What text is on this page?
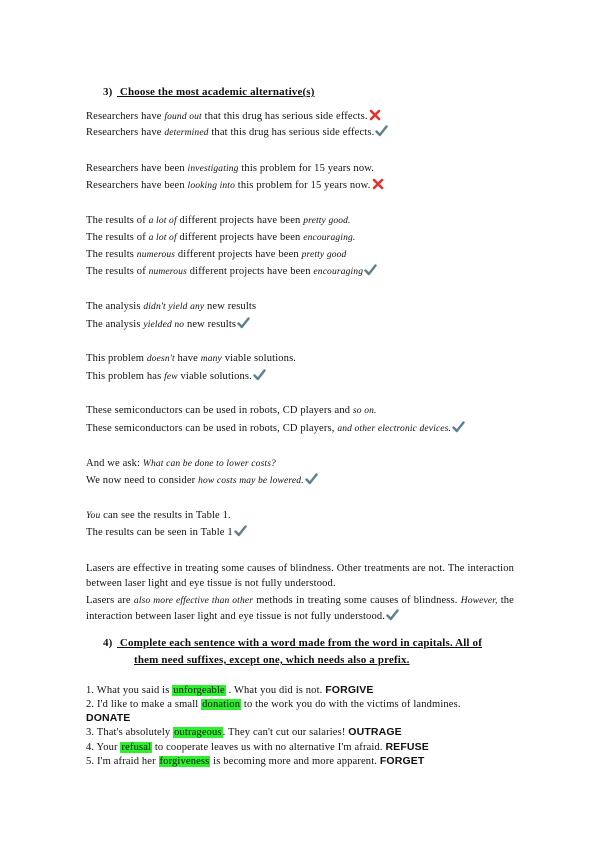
3) Choose the most academic alternative(s)
Researchers have found out that this drug has serious side effects.
Researchers have determined that this drug has serious side effects.
Researchers have been investigating this problem for 15 years now.
Researchers have been looking into this problem for 15 years now.
The results of a lot of different projects have been pretty good.
The results of a lot of different projects have been encouraging.
The results numerous different projects have been pretty good
The results of numerous different projects have been encouraging
The analysis didn't yield any new results
The analysis yielded no new results
This problem doesn't have many viable solutions.
This problem has few viable solutions.
These semiconductors can be used in robots, CD players and so on.
These semiconductors can be used in robots, CD players, and other electronic devices.
And we ask: What can be done to lower costs?
We now need to consider how costs may be lowered.
You can see the results in Table 1.
The results can be seen in Table 1
Lasers are effective in treating some causes of blindness. Other treatments are not. The interaction between laser light and eye tissue is not fully understood.
Lasers are also more effective than other methods in treating some causes of blindness. However, the interaction between laser light and eye tissue is not fully understood.
4) Complete each sentence with a word made from the word in capitals. All of
them need suffixes, except one, which needs also a prefix.
1. What you said is unforgeable . What you did is not. FORGIVE
2. I'd like to make a small donation to the work you do with the victims of landmines.
DONATE
3. That's absolutely outrageous. They can't cut our salaries! OUTRAGE
4. Your refusal to cooperate leaves us with no alternative I'm afraid. REFUSE
5. I'm afraid her forgiveness is becoming more and more apparent. FORGET
